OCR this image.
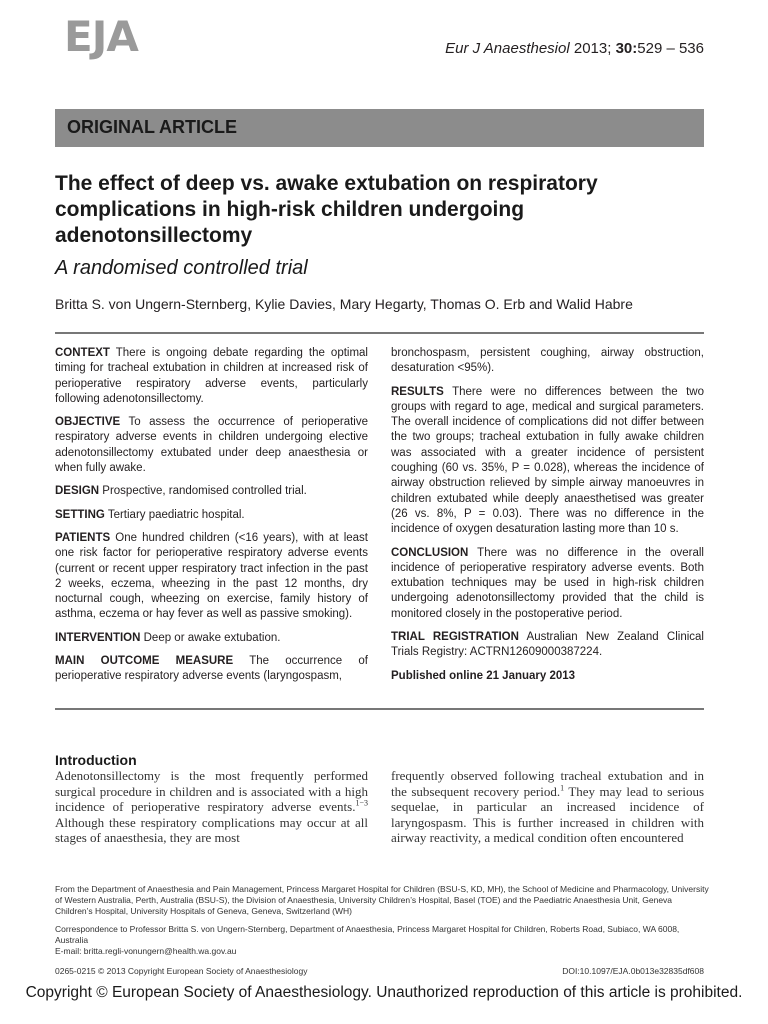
EJA	Eur J Anaesthesiol 2013; 30:529 – 536
ORIGINAL ARTICLE
The effect of deep vs. awake extubation on respiratory complications in high-risk children undergoing adenotonsillectomy
A randomised controlled trial
Britta S. von Ungern-Sternberg, Kylie Davies, Mary Hegarty, Thomas O. Erb and Walid Habre

CONTEXT There is ongoing debate regarding the optimal timing for tracheal extubation in children at increased risk of perioperative respiratory adverse events, particularly following adenotonsillectomy.

OBJECTIVE To assess the occurrence of perioperative respiratory adverse events in children undergoing elective adenotonsillectomy extubated under deep anaesthesia or when fully awake.

DESIGN Prospective, randomised controlled trial.

SETTING Tertiary paediatric hospital.

PATIENTS One hundred children (<16 years), with at least one risk factor for perioperative respiratory adverse events (current or recent upper respiratory tract infection in the past 2 weeks, eczema, wheezing in the past 12 months, dry nocturnal cough, wheezing on exercise, family history of asthma, eczema or hay fever as well as passive smoking).

INTERVENTION Deep or awake extubation.

MAIN OUTCOME MEASURE The occurrence of perioperative respiratory adverse events (laryngospasm,

bronchospasm, persistent coughing, airway obstruction, desaturation <95%).

RESULTS There were no differences between the two groups with regard to age, medical and surgical parameters. The overall incidence of complications did not differ between the two groups; tracheal extubation in fully awake children was associated with a greater incidence of persistent coughing (60 vs. 35%, P = 0.028), whereas the incidence of airway obstruction relieved by simple airway manoeuvres in children extubated while deeply anaesthetised was greater (26 vs. 8%, P = 0.03). There was no difference in the incidence of oxygen desaturation lasting more than 10 s.

CONCLUSION There was no difference in the overall incidence of perioperative respiratory adverse events. Both extubation techniques may be used in high-risk children undergoing adenotonsillectomy provided that the child is monitored closely in the postoperative period.

TRIAL REGISTRATION Australian New Zealand Clinical Trials Registry: ACTRN12609000387224.

Published online 21 January 2013

Introduction

Adenotonsillectomy is the most frequently performed surgical procedure in children and is associated with a high incidence of perioperative respiratory adverse events.$^{1-3}$ Although these respiratory complications may occur at all stages of anaesthesia, they are most

frequently observed following tracheal extubation and in the subsequent recovery period.$^1$ They may lead to serious sequelae, in particular an increased incidence of laryngospasm. This is further increased in children with airway reactivity, a medical condition often encountered

From the Department of Anaesthesia and Pain Management, Princess Margaret Hospital for Children (BSU-S, KD, MH), the School of Medicine and Pharmacology, University of Western Australia, Perth, Australia (BSU-S), the Division of Anaesthesia, University Children’s Hospital, Basel (TOE) and the Paediatric Anaesthesia Unit, Geneva Children’s Hospital, University Hospitals of Geneva, Geneva, Switzerland (WH)

Correspondence to Professor Britta S. von Ungern-Sternberg, Department of Anaesthesia, Princess Margaret Hospital for Children, Roberts Road, Subiaco, WA 6008, Australia

E-mail: britta.regli-vonungern@health.wa.gov.au

0265-0215 © 2013 Copyright European Society of Anaesthesiology	DOI:10.1097/EJA.0b013e32835df608
Copyright © European Society of Anaesthesiology. Unauthorized reproduction of this article is prohibited.
